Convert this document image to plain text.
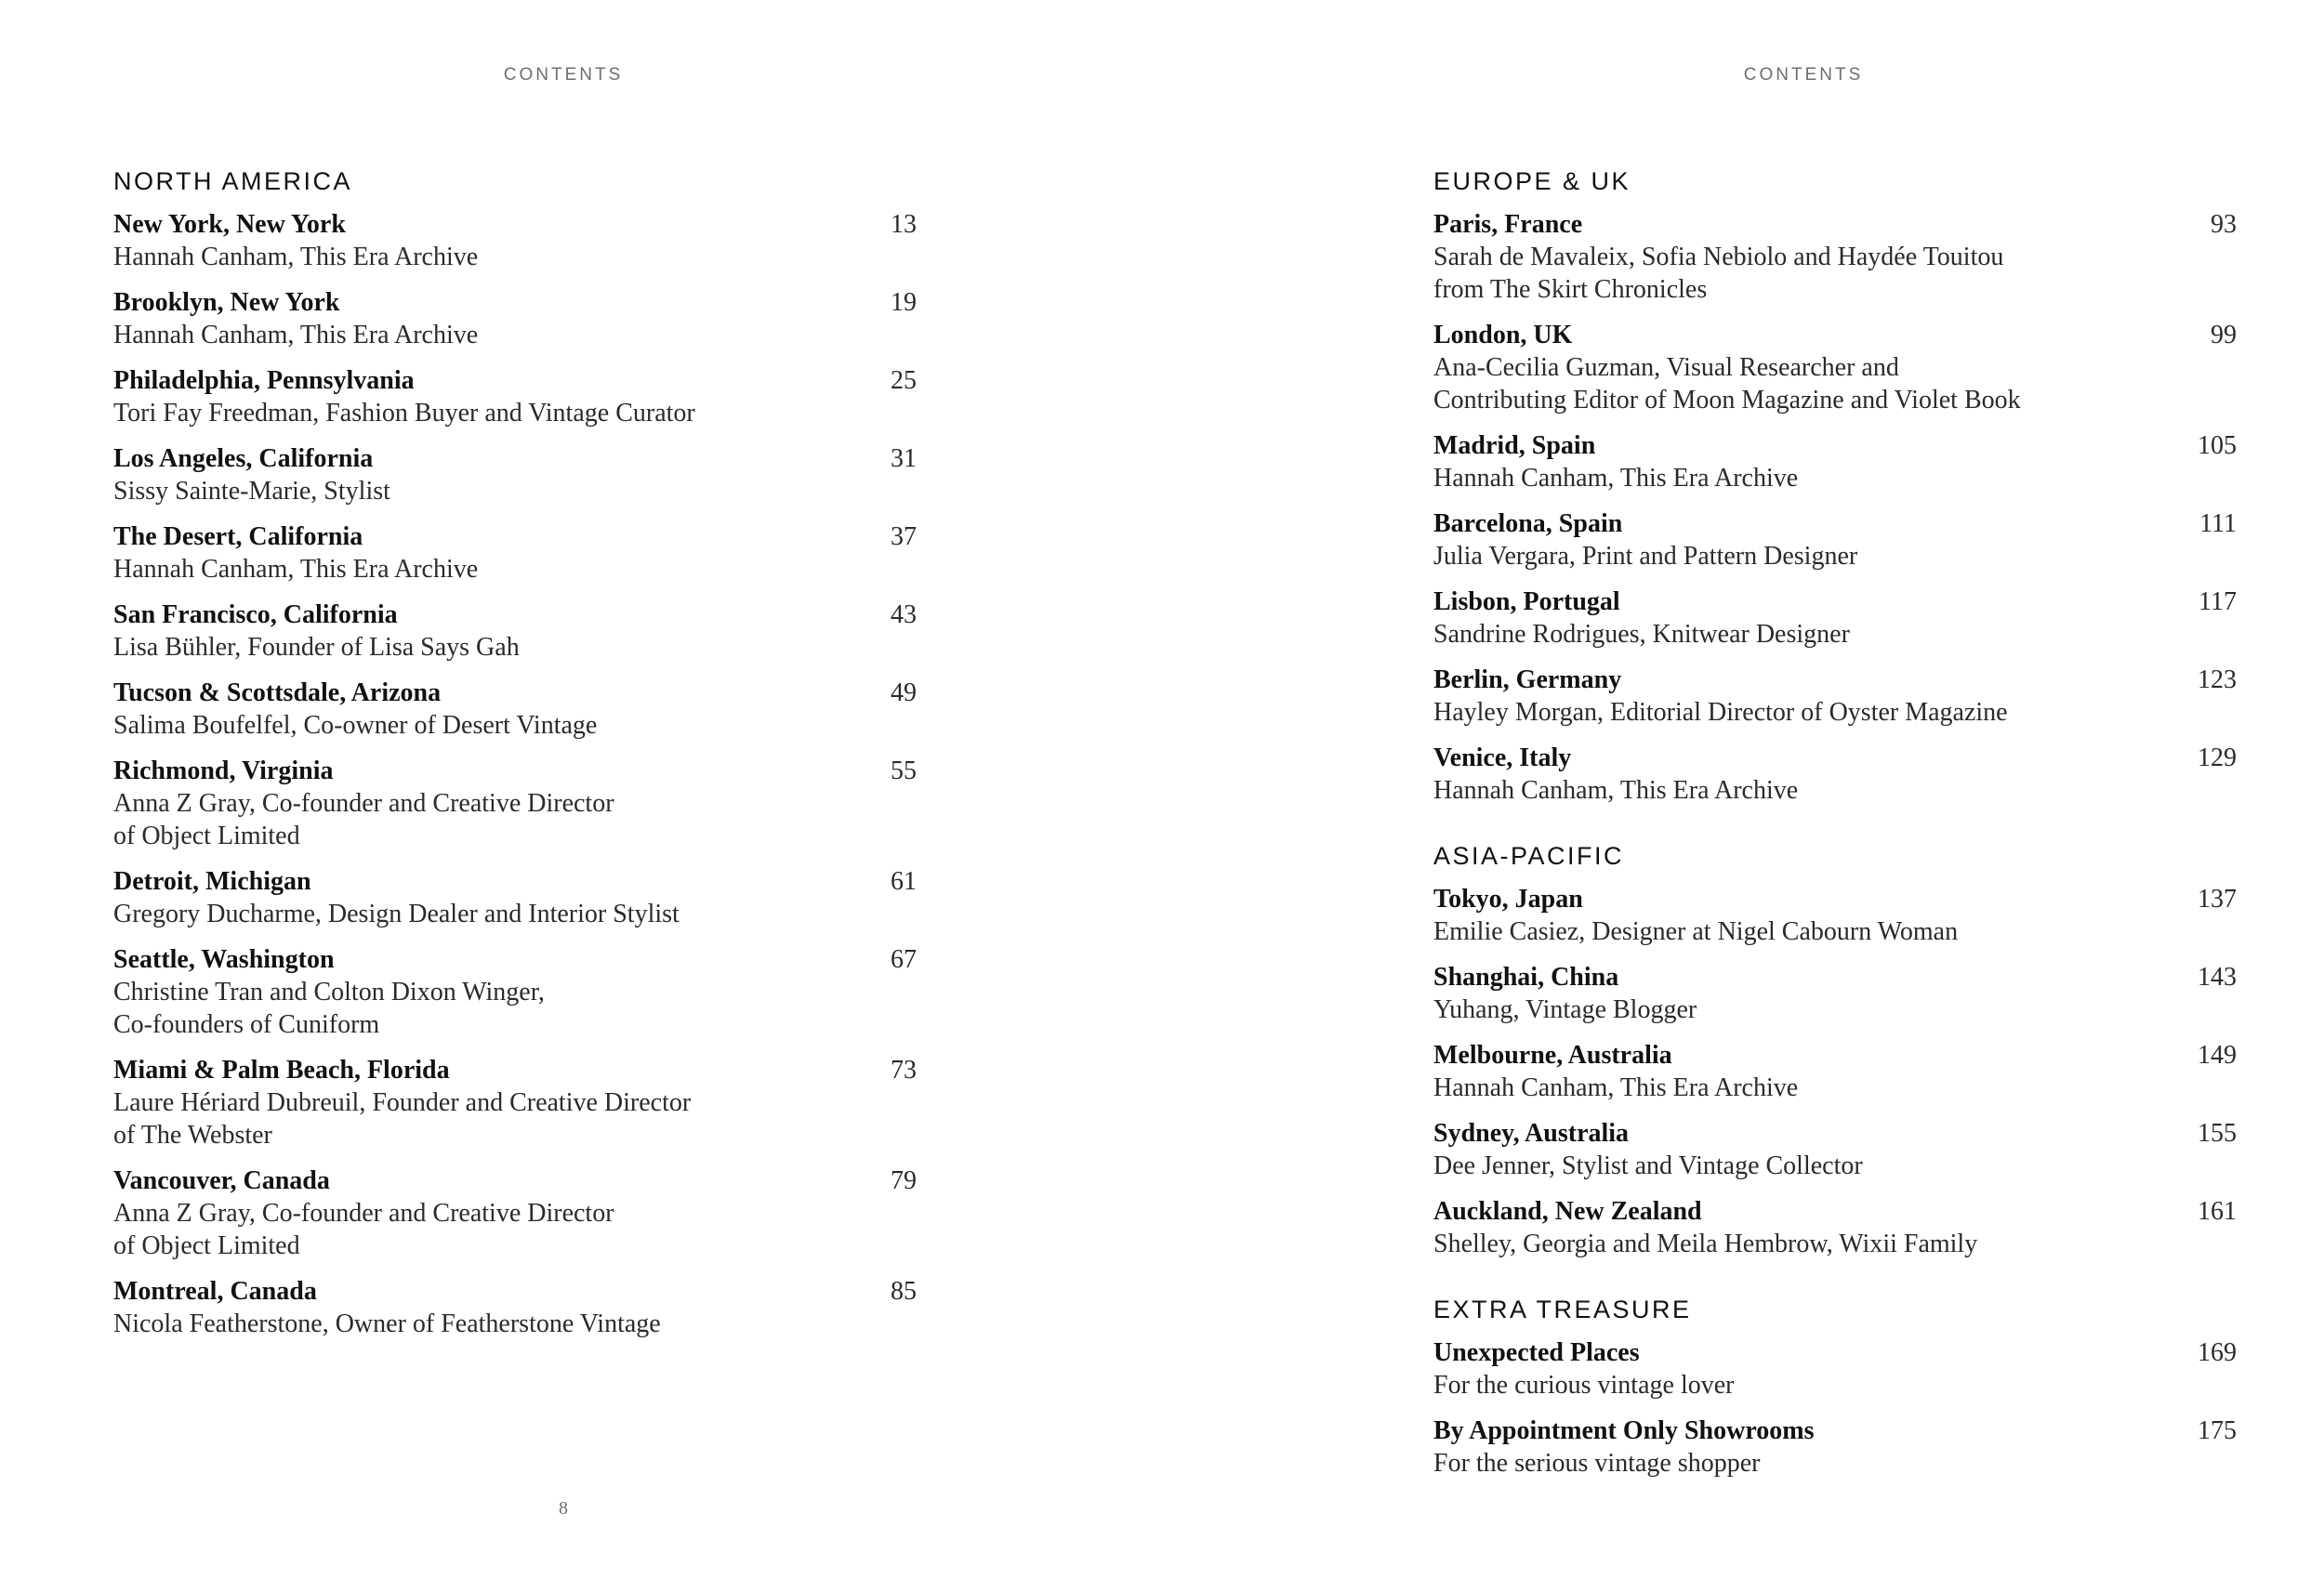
CONTENTS
NORTH AMERICA
New York, New York
Hannah Canham, This Era Archive
13
Brooklyn, New York
Hannah Canham, This Era Archive
19
Philadelphia, Pennsylvania
Tori Fay Freedman, Fashion Buyer and Vintage Curator
25
Los Angeles, California
Sissy Sainte-Marie, Stylist
31
The Desert, California
Hannah Canham, This Era Archive
37
San Francisco, California
Lisa Bühler, Founder of Lisa Says Gah
43
Tucson & Scottsdale, Arizona
Salima Boufelfel, Co-owner of Desert Vintage
49
Richmond, Virginia
Anna Z Gray, Co-founder and Creative Director
of Object Limited
55
Detroit, Michigan
Gregory Ducharme, Design Dealer and Interior Stylist
61
Seattle, Washington
Christine Tran and Colton Dixon Winger,
Co-founders of Cuniform
67
Miami & Palm Beach, Florida
Laure Hériard Dubreuil, Founder and Creative Director
of The Webster
73
Vancouver, Canada
Anna Z Gray, Co-founder and Creative Director
of Object Limited
79
Montreal, Canada
Nicola Featherstone, Owner of Featherstone Vintage
85
8
CONTENTS
EUROPE & UK
Paris, France
Sarah de Mavaleix, Sofia Nebiolo and Haydée Touitou
from The Skirt Chronicles
93
London, UK
Ana-Cecilia Guzman, Visual Researcher and
Contributing Editor of Moon Magazine and Violet Book
99
Madrid, Spain
Hannah Canham, This Era Archive
105
Barcelona, Spain
Julia Vergara, Print and Pattern Designer
111
Lisbon, Portugal
Sandrine Rodrigues, Knitwear Designer
117
Berlin, Germany
Hayley Morgan, Editorial Director of Oyster Magazine
123
Venice, Italy
Hannah Canham, This Era Archive
129
ASIA-PACIFIC
Tokyo, Japan
Emilie Casiez, Designer at Nigel Cabourn Woman
137
Shanghai, China
Yuhang, Vintage Blogger
143
Melbourne, Australia
Hannah Canham, This Era Archive
149
Sydney, Australia
Dee Jenner, Stylist and Vintage Collector
155
Auckland, New Zealand
Shelley, Georgia and Meila Hembrow, Wixii Family
161
EXTRA TREASURE
Unexpected Places
For the curious vintage lover
169
By Appointment Only Showrooms
For the serious vintage shopper
175
